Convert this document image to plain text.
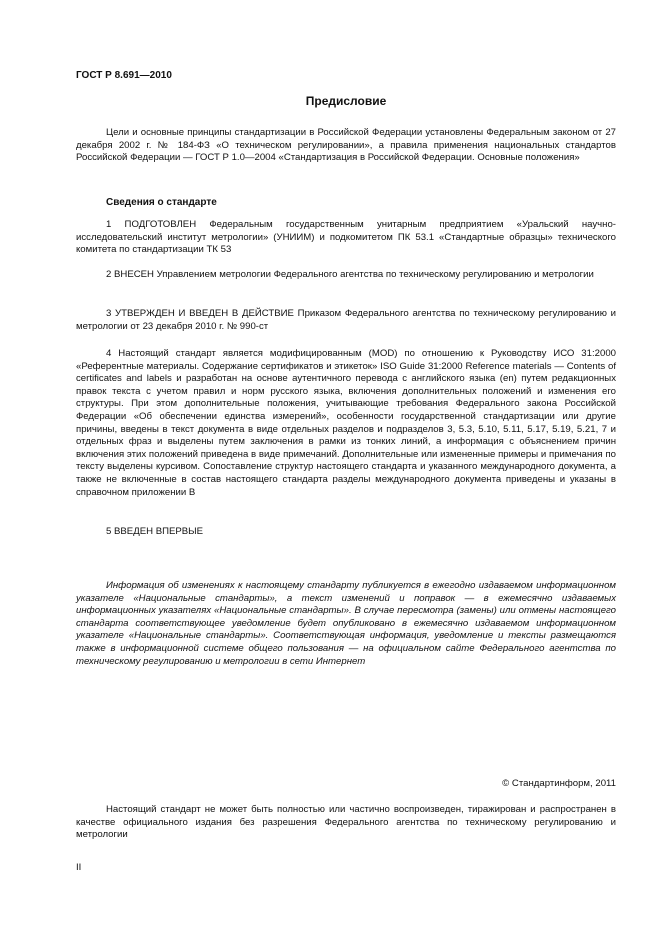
ГОСТ Р 8.691—2010
Предисловие

Цели и основные принципы стандартизации в Российской Федерации установлены Федеральным законом от 27 декабря 2002 г. № 184-ФЗ «О техническом регулировании», а правила применения национальных стандартов Российской Федерации — ГОСТ Р 1.0—2004 «Стандартизация в Российской Федерации. Основные положения»

Сведения о стандарте

1 ПОДГОТОВЛЕН Федеральным государственным унитарным предприятием «Уральский научно-исследовательский институт метрологии» (УНИИМ) и подкомитетом ПК 53.1 «Стандартные образцы» технического комитета по стандартизации ТК 53

2 ВНЕСЕН Управлением метрологии Федерального агентства по техническому регулированию и метрологии

3 УТВЕРЖДЕН И ВВЕДЕН В ДЕЙСТВИЕ Приказом Федерального агентства по техническому регулированию и метрологии от 23 декабря 2010 г. № 990-ст

4 Настоящий стандарт является модифицированным (MOD) по отношению к Руководству ИСО 31:2000 «Референтные материалы. Содержание сертификатов и этикеток» ISO Guide 31:2000 Reference materials — Contents of certificates and labels и разработан на основе аутентичного перевода с английского языка (en) путем редакционных правок текста с учетом правил и норм русского языка, включения дополнительных положений и изменения его структуры. При этом дополнительные положения, учитывающие требования Федерального закона Российской Федерации «Об обеспечении единства измерений», особенности государственной стандартизации или другие причины, введены в текст документа в виде отдельных разделов и подразделов 3, 5.3, 5.10, 5.11, 5.17, 5.19, 5.21, 7 и отдельных фраз и выделены путем заключения в рамки из тонких линий, а информация с объяснением причин включения этих положений приведена в виде примечаний. Дополнительные или измененные примеры и примечания по тексту выделены курсивом. Сопоставление структур настоящего стандарта и указанного международного документа, а также не включенные в состав настоящего стандарта разделы международного документа приведены и указаны в справочном приложении В

5 ВВЕДЕН ВПЕРВЫЕ

Информация об изменениях к настоящему стандарту публикуется в ежегодно издаваемом информационном указателе «Национальные стандарты», а текст изменений и поправок — в ежемесячно издаваемых информационных указателях «Национальные стандарты». В случае пересмотра (замены) или отмены настоящего стандарта соответствующее уведомление будет опубликовано в ежемесячно издаваемом информационном указателе «Национальные стандарты». Соответствующая информация, уведомление и тексты размещаются также в информационной системе общего пользования — на официальном сайте Федерального агентства по техническому регулированию и метрологии в сети Интернет

© Стандартинформ, 2011

Настоящий стандарт не может быть полностью или частично воспроизведен, тиражирован и распространен в качестве официального издания без разрешения Федерального агентства по техническому регулированию и метрологии

II
